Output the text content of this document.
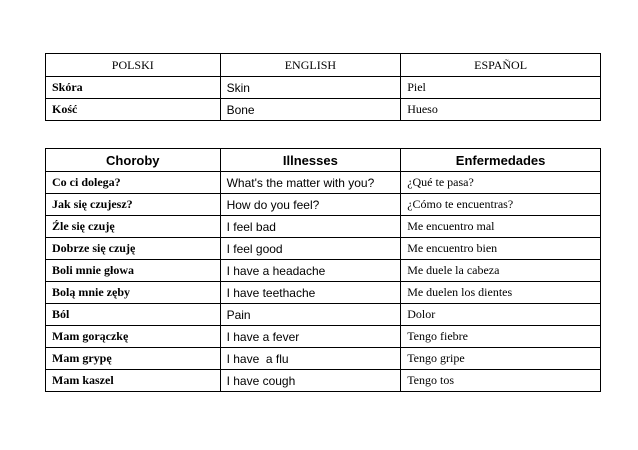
POLSKI	ENGLISH	ESPAÑOL
Skóra	Skin	Piel
Kość	Bone	Hueso
Choroby	Illnesses	Enfermedades
Co ci dolega?	What's the matter with you?	¿Qué te pasa?
Jak się czujesz?	How do you feel?	¿Cómo te encuentras?
Źle się czuję	I feel bad	Me encuentro mal
Dobrze się czuję	I feel good	Me encuentro bien
Boli mnie głowa	I have a headache	Me duele la cabeza
Bolą mnie zęby	I have teethache	Me duelen los dientes
Ból	Pain	Dolor
Mam gorączkę	I have a fever	Tengo fiebre
Mam grypę	I have  a flu	Tengo gripe
Mam kaszel	I have cough	Tengo tos
